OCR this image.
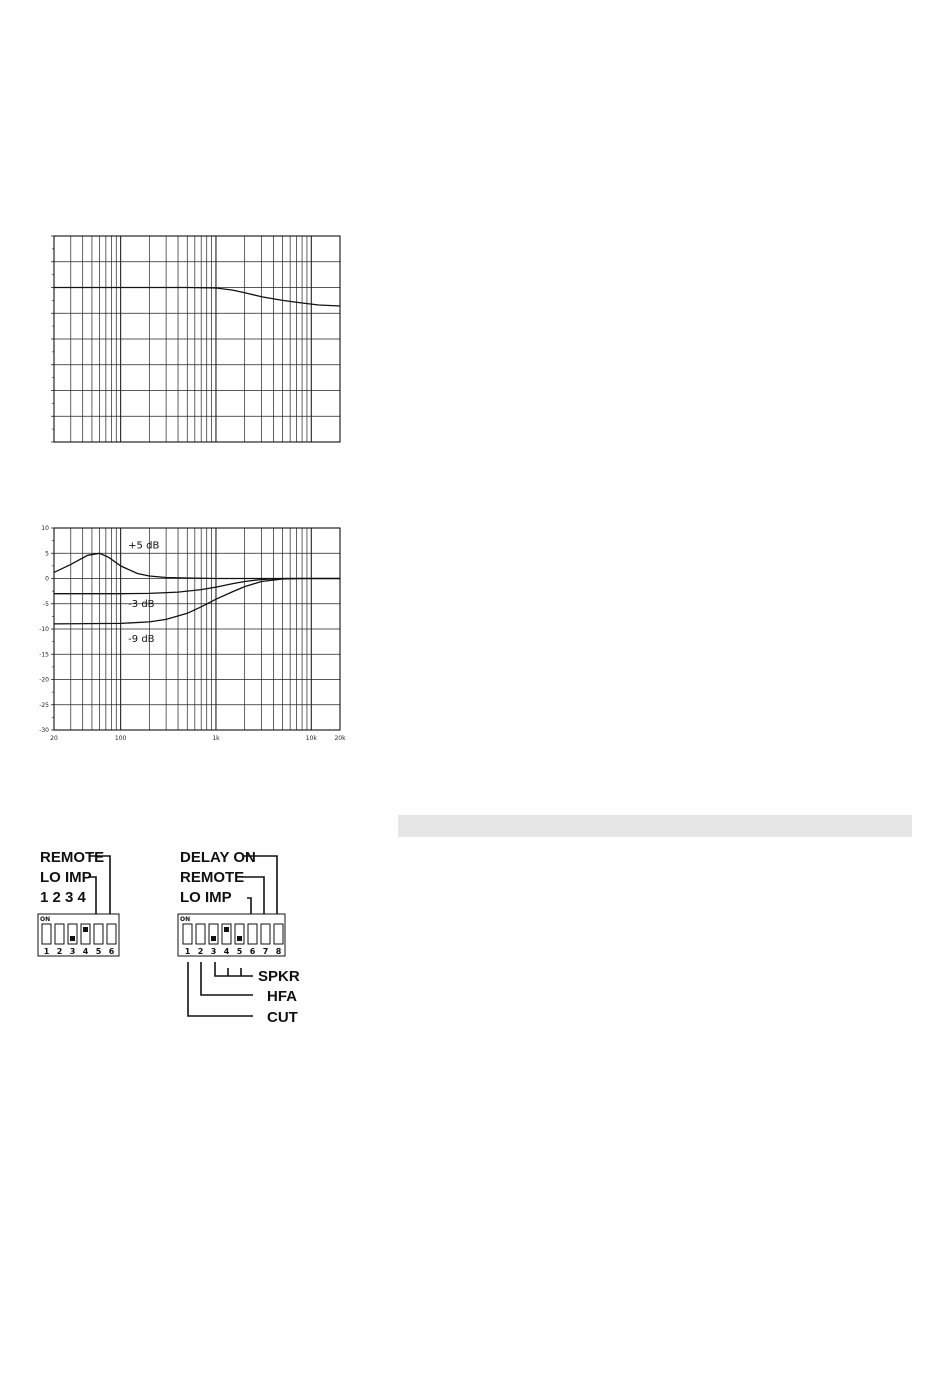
10
5
0
-5
-10
-15
-20
-25
-30
20	100	1k	10k	20k
+5 dB
-3 dB
-9 dB
REMOTE
LO IMP
1 2 3 4
ON
1 2 3 4 5 6
DELAY ON
REMOTE
LO IMP
ON
1 2 3 4 5 6 7 8
SPKR
HFA
CUT
